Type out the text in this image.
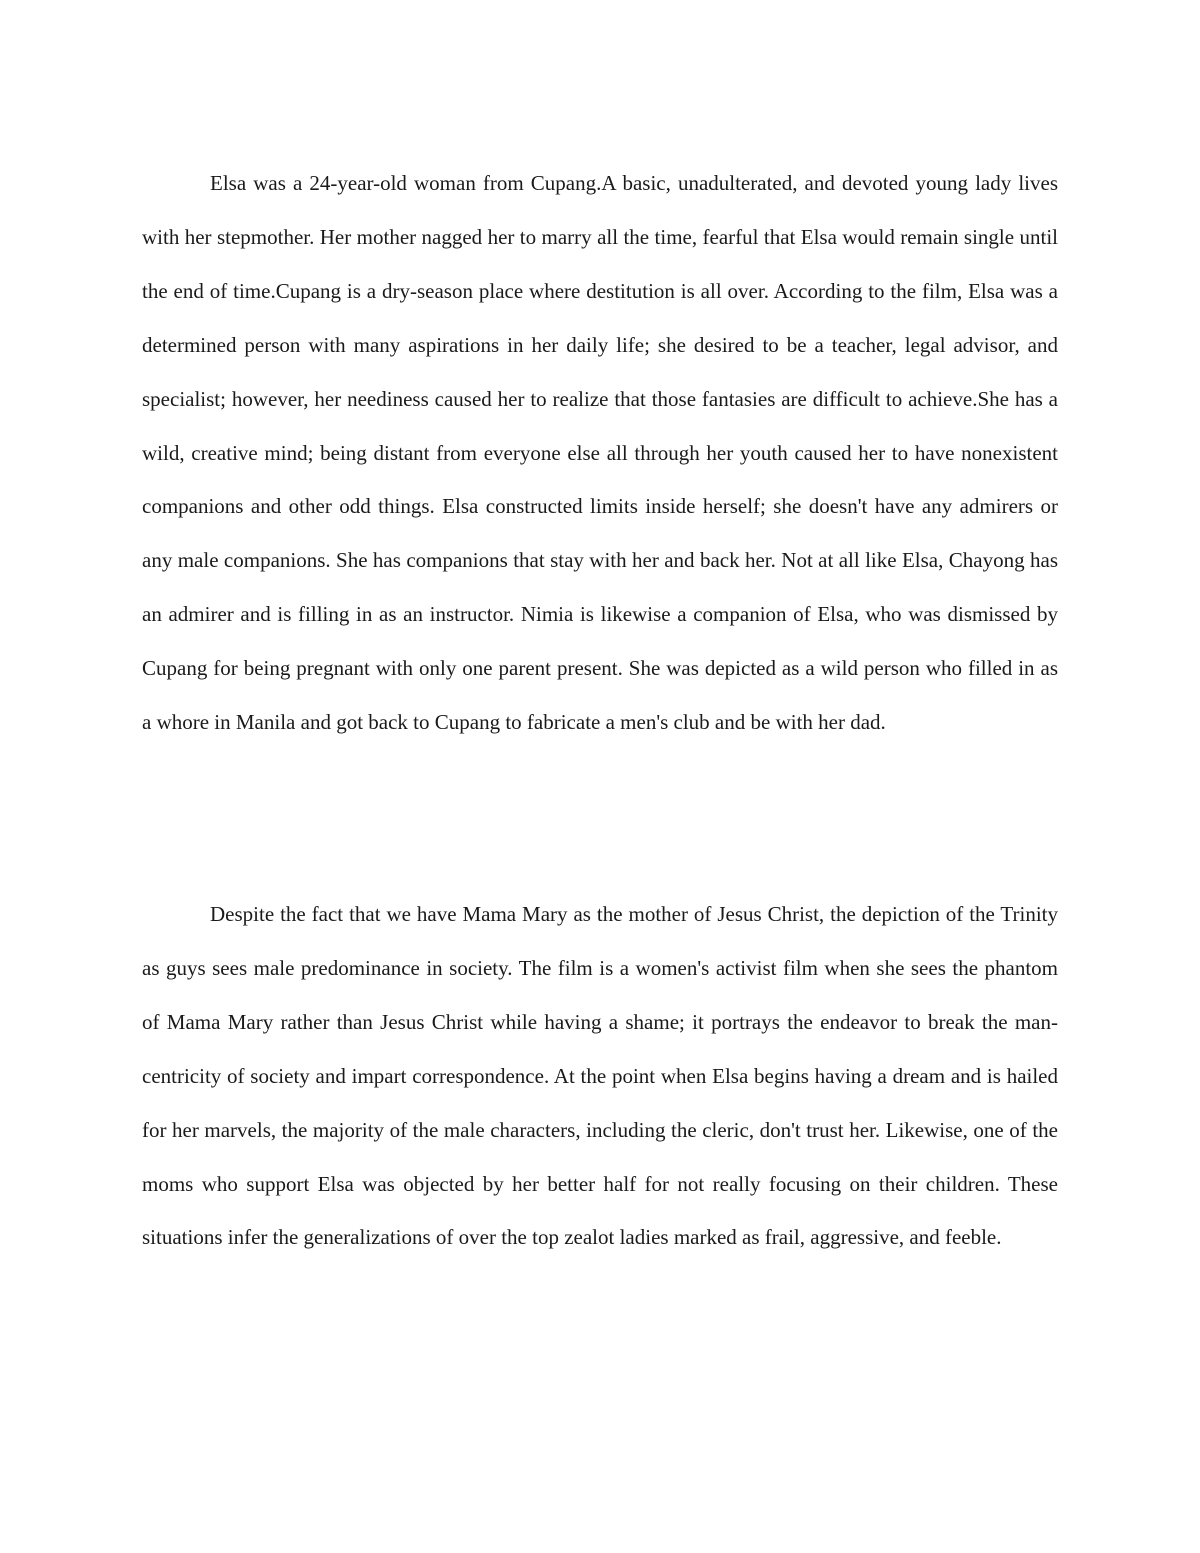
Elsa was a 24-year-old woman from Cupang.A basic, unadulterated, and devoted young lady lives with her stepmother. Her mother nagged her to marry all the time, fearful that Elsa would remain single until the end of time.Cupang is a dry-season place where destitution is all over. According to the film, Elsa was a determined person with many aspirations in her daily life; she desired to be a teacher, legal advisor, and specialist; however, her neediness caused her to realize that those fantasies are difficult to achieve.She has a wild, creative mind; being distant from everyone else all through her youth caused her to have nonexistent companions and other odd things. Elsa constructed limits inside herself; she doesn't have any admirers or any male companions. She has companions that stay with her and back her. Not at all like Elsa, Chayong has an admirer and is filling in as an instructor. Nimia is likewise a companion of Elsa, who was dismissed by Cupang for being pregnant with only one parent present. She was depicted as a wild person who filled in as a whore in Manila and got back to Cupang to fabricate a men's club and be with her dad.

Despite the fact that we have Mama Mary as the mother of Jesus Christ, the depiction of the Trinity as guys sees male predominance in society. The film is a women's activist film when she sees the phantom of Mama Mary rather than Jesus Christ while having a shame; it portrays the endeavor to break the man-centricity of society and impart correspondence. At the point when Elsa begins having a dream and is hailed for her marvels, the majority of the male characters, including the cleric, don't trust her. Likewise, one of the moms who support Elsa was objected by her better half for not really focusing on their children. These situations infer the generalizations of over the top zealot ladies marked as frail, aggressive, and feeble.
